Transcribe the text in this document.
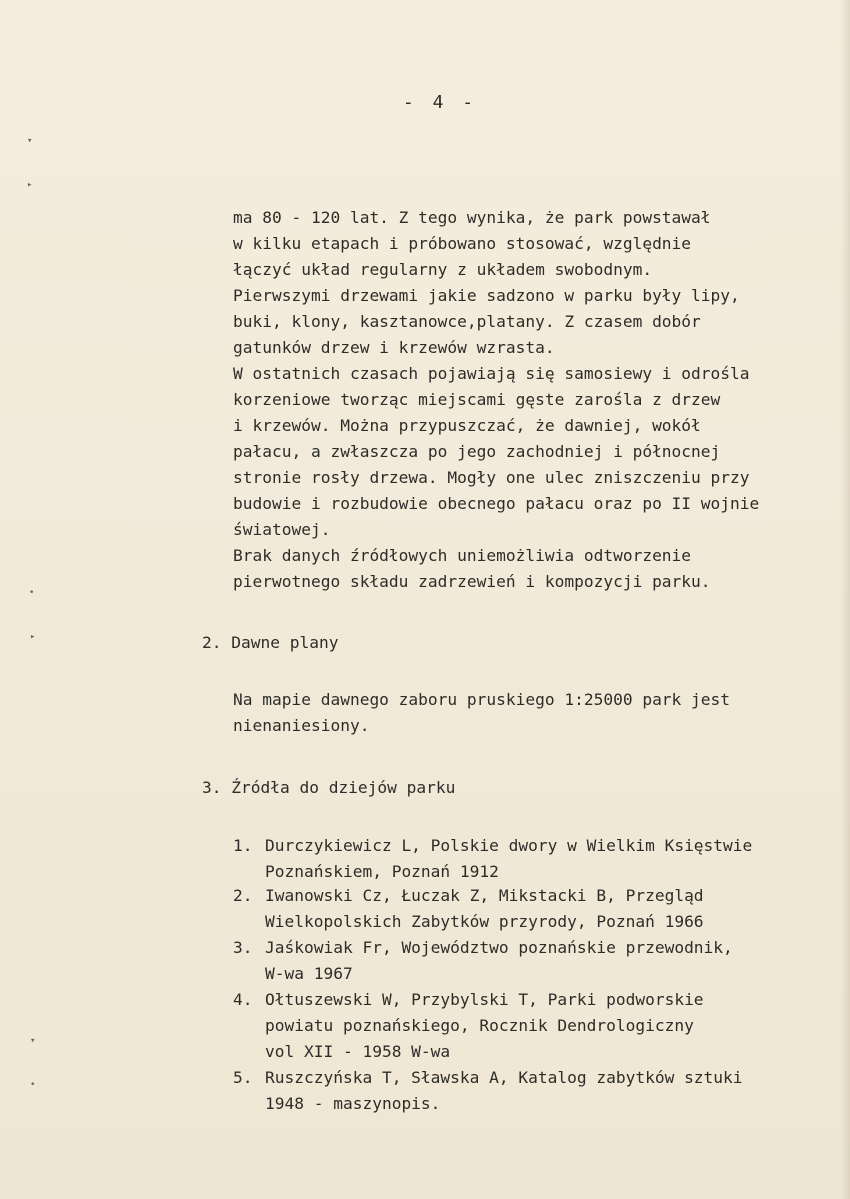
▾
▸
•
▸
▾
•
- 4 -
ma 80 - 120 lat. Z tego wynika, że park powstawał
w kilku etapach i próbowano stosować, względnie
łączyć układ regularny z układem swobodnym.
Pierwszymi drzewami jakie sadzono w parku były lipy,
buki, klony, kasztanowce,platany. Z czasem dobór
gatunków drzew i krzewów wzrasta.
W ostatnich czasach pojawiają się samosiewy i odrośla
korzeniowe tworząc miejscami gęste zarośla z drzew
i krzewów. Można przypuszczać, że dawniej, wokół
pałacu, a zwłaszcza po jego zachodniej i północnej
stronie rosły drzewa. Mogły one ulec zniszczeniu przy
budowie i rozbudowie obecnego pałacu oraz po II wojnie
światowej.
Brak danych źródłowych uniemożliwia odtworzenie
pierwotnego składu zadrzewień i kompozycji parku.
2. Dawne plany
Na mapie dawnego zaboru pruskiego 1:25000 park jest
nienaniesiony.
3. Źródła do dziejów parku
1. Durczykiewicz L, Polskie dwory w Wielkim Księstwie
Poznańskiem, Poznań 1912
2. Iwanowski Cz, Łuczak Z, Mikstacki B, Przegląd
Wielkopolskich Zabytków przyrody, Poznań 1966
3. Jaśkowiak Fr, Województwo poznańskie przewodnik,
W-wa 1967
4. Ołtuszewski W, Przybylski T, Parki podworskie
powiatu poznańskiego, Rocznik Dendrologiczny
vol XII - 1958 W-wa
5. Ruszczyńska T, Sławska A, Katalog zabytków sztuki
1948 - maszynopis.
